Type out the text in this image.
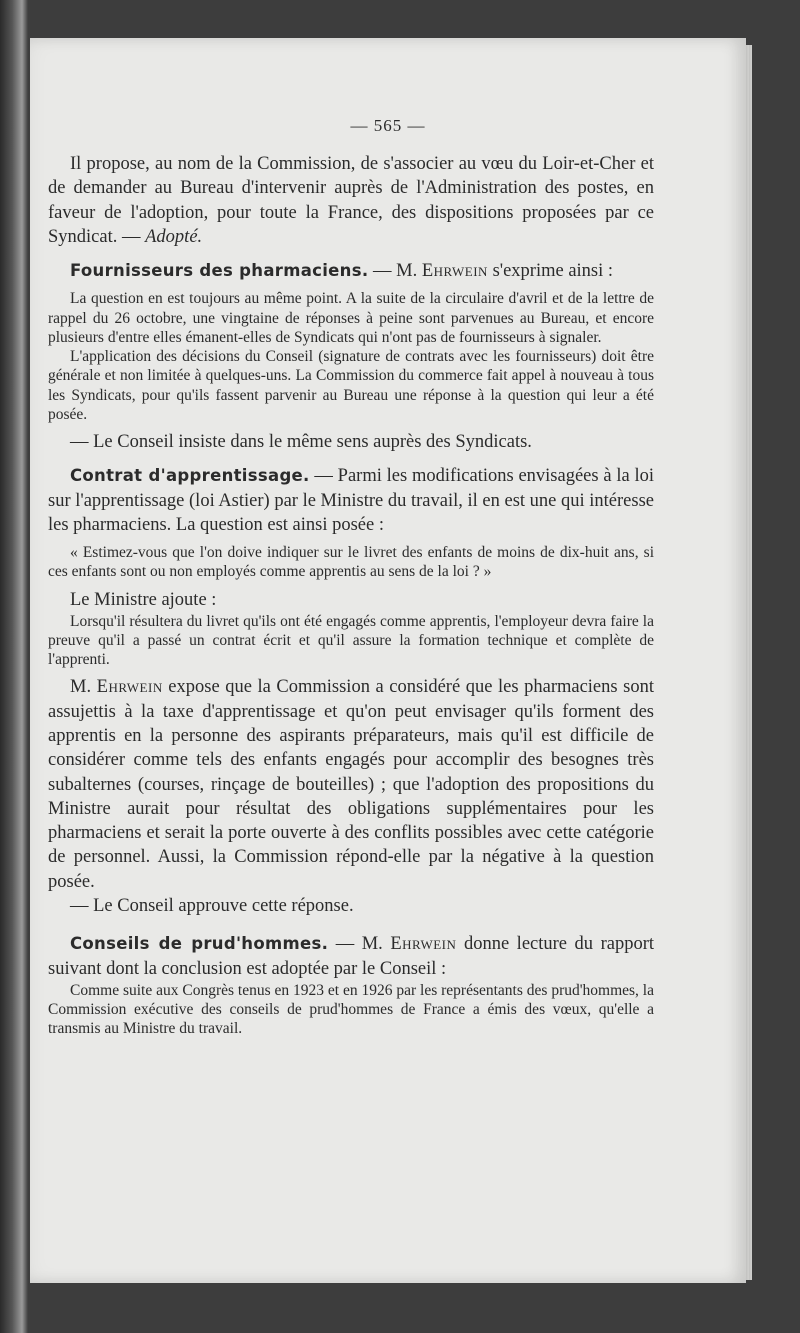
— 565 —

Il propose, au nom de la Commission, de s'associer au vœu du Loir-et-Cher et de demander au Bureau d'intervenir auprès de l'Administration des postes, en faveur de l'adoption, pour toute la France, des dispositions proposées par ce Syndicat. — Adopté.

Fournisseurs des pharmaciens. — M. Ehrwein s'exprime ainsi :

La question en est toujours au même point. A la suite de la circulaire d'avril et de la lettre de rappel du 26 octobre, une vingtaine de réponses à peine sont parvenues au Bureau, et encore plusieurs d'entre elles émanent-elles de Syndicats qui n'ont pas de fournisseurs à signaler.

L'application des décisions du Conseil (signature de contrats avec les fournisseurs) doit être générale et non limitée à quelques-uns. La Commission du commerce fait appel à nouveau à tous les Syndicats, pour qu'ils fassent parvenir au Bureau une réponse à la question qui leur a été posée.

— Le Conseil insiste dans le même sens auprès des Syndicats.

Contrat d'apprentissage. — Parmi les modifications envisagées à la loi sur l'apprentissage (loi Astier) par le Ministre du travail, il en est une qui intéresse les pharmaciens. La question est ainsi posée :

« Estimez-vous que l'on doive indiquer sur le livret des enfants de moins de dix-huit ans, si ces enfants sont ou non employés comme apprentis au sens de la loi ? »

Le Ministre ajoute :

Lorsqu'il résultera du livret qu'ils ont été engagés comme apprentis, l'employeur devra faire la preuve qu'il a passé un contrat écrit et qu'il assure la formation technique et complète de l'apprenti.

M. Ehrwein expose que la Commission a considéré que les pharmaciens sont assujettis à la taxe d'apprentissage et qu'on peut envisager qu'ils forment des apprentis en la personne des aspirants préparateurs, mais qu'il est difficile de considérer comme tels des enfants engagés pour accomplir des besognes très subalternes (courses, rinçage de bouteilles) ; que l'adoption des propositions du Ministre aurait pour résultat des obligations supplémentaires pour les pharmaciens et serait la porte ouverte à des conflits possibles avec cette catégorie de personnel. Aussi, la Commission répond-elle par la négative à la question posée.

— Le Conseil approuve cette réponse.

Conseils de prud'hommes. — M. Ehrwein donne lecture du rapport suivant dont la conclusion est adoptée par le Conseil :

Comme suite aux Congrès tenus en 1923 et en 1926 par les représentants des prud'hommes, la Commission exécutive des conseils de prud'hommes de France a émis des vœux, qu'elle a transmis au Ministre du travail.
